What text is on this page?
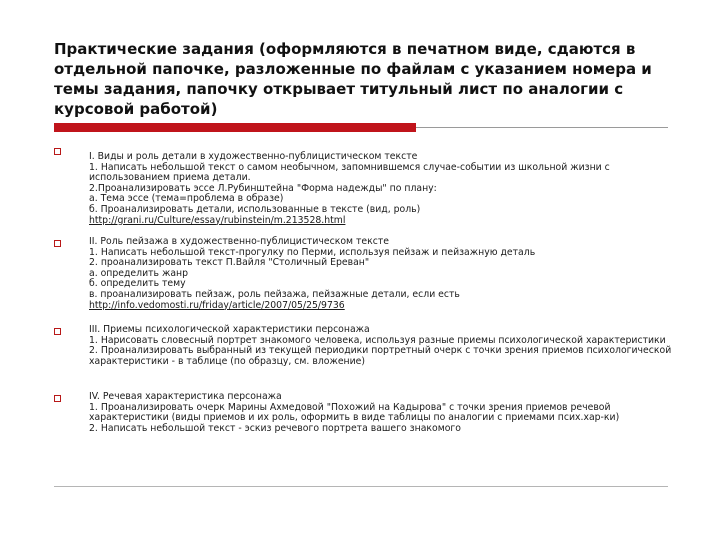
Практические задания (оформляются в печатном виде, сдаются в отдельной папочке, разложенные по файлам с указанием номера и темы задания, папочку открывает титульный лист по аналогии с курсовой работой)
I. Виды и роль детали в художественно-публицистическом тексте
1. Написать небольшой текст о самом необычном, запомнившемся случае-событии из школьной жизни с использованием приема детали.
2.Проанализировать эссе Л.Рубинштейна "Форма надежды" по плану:
а. Тема эссе (тема=проблема в образе)
б. Проанализировать детали, использованные в тексте (вид, роль)
http://grani.ru/Culture/essay/rubinstein/m.213528.html
II. Роль пейзажа в художественно-публицистическом тексте
1. Написать небольшой текст-прогулку по Перми, используя пейзаж и пейзажную деталь
2. проанализировать текст П.Вайля "Столичный Ереван"
а. определить жанр
б. определить тему
в. проанализировать пейзаж, роль пейзажа, пейзажные детали, если есть
http://info.vedomosti.ru/friday/article/2007/05/25/9736
III. Приемы психологической характеристики персонажа
1. Нарисовать словесный портрет знакомого человека, используя разные приемы психологической характеристики
2. Проанализировать выбранный из текущей периодики портретный очерк с точки зрения приемов психологической характеристики - в таблице (по образцу, см. вложение)
IV. Речевая характеристика персонажа
1. Проанализировать очерк Марины Ахмедовой "Похожий на Кадырова" с точки зрения приемов речевой характеристики (виды приемов и их роль, оформить в виде таблицы по аналогии с приемами псих.хар-ки)
2. Написать небольшой текст - эскиз речевого портрета вашего знакомого
